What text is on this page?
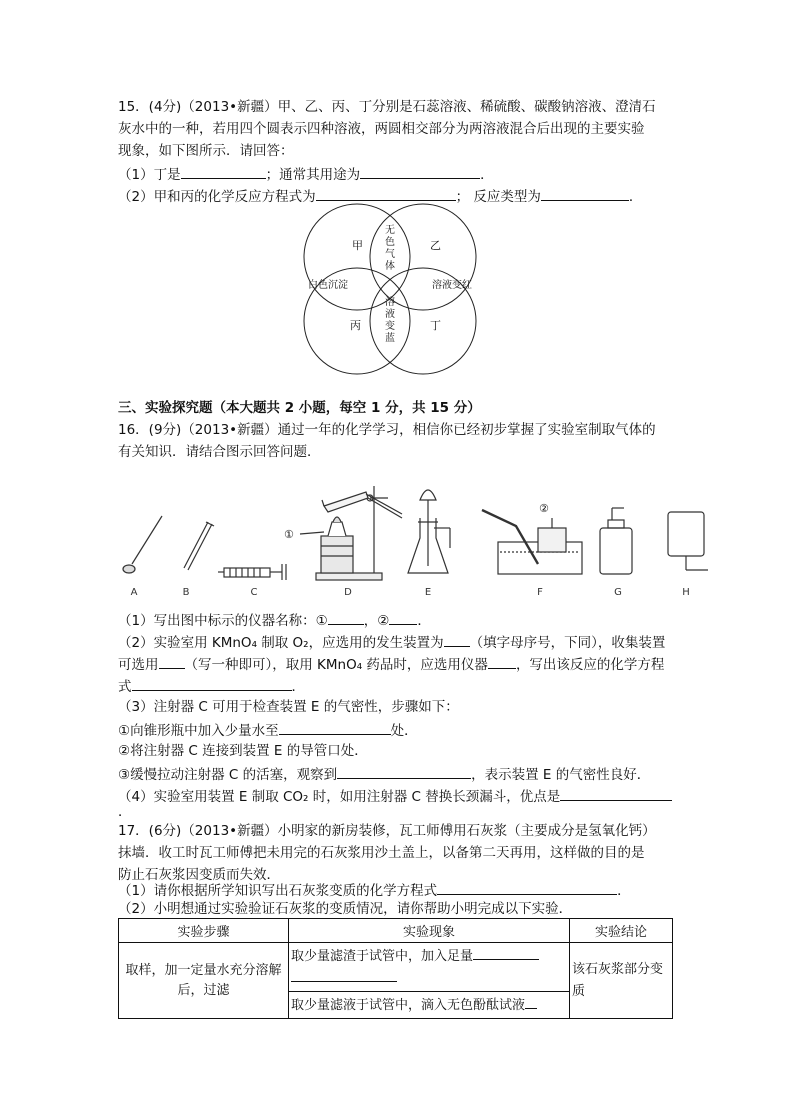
15．(4分)（2013•新疆）甲、乙、丙、丁分别是石蕊溶液、稀硫酸、碳酸钠溶液、澄清石
灰水中的一种，若用四个圆表示四种溶液，两圆相交部分为两溶液混合后出现的主要实验
现象，如下图所示．请回答：
（1）丁是	；通常其用途为	．
（2）甲和丙的化学反应方程式为	； 反应类型为	．
甲	乙
丙	丁
无
色
气
体
白色沉淀	溶液变红
溶
液
变
蓝
三、实验探究题（本大题共 2 小题，每空 1 分，共 15 分）
16．(9分)（2013•新疆）通过一年的化学学习，相信你已经初步掌握了实验室制取气体的
有关知识．请结合图示回答问题．
①
②
A	B	C	D	E	F	G	H
（1）写出图中标示的仪器名称：①	，② ．
（2）实验室用 KMnO₄ 制取 O₂，应选用的发生装置为 （填字母序号，下同），收集装置
可选用 （写一种即可），取用 KMnO₄ 药品时，应选用仪器 ，写出该反应的化学方程
式	．
（3）注射器 C 可用于检查装置 E 的气密性，步骤如下：
①向锥形瓶中加入少量水至	处．
②将注射器 C 连接到装置 E 的导管口处．
③缓慢拉动注射器 C 的活塞，观察到	，表示装置 E 的气密性良好．
（4）实验室用装置 E 制取 CO₂ 时，如用注射器 C 替换长颈漏斗，优点是
．
17．(6分)（2013•新疆）小明家的新房装修，瓦工师傅用石灰浆（主要成分是氢氧化钙）
抹墙．收工时瓦工师傅把未用完的石灰浆用沙土盖上，以备第二天再用，这样做的目的是
防止石灰浆因变质而失效．
（1）请你根据所学知识写出石灰浆变质的化学方程式	．
（2）小明想通过实验验证石灰浆的变质情况，请你帮助小明完成以下实验．
实验步骤	实验现象	实验结论
取样，加一定量水充分溶解后，过滤	取少量滤渣于试管中，加入足量	该石灰浆部分变质
	取少量滤液于试管中，滴入无色酚酞试液	
